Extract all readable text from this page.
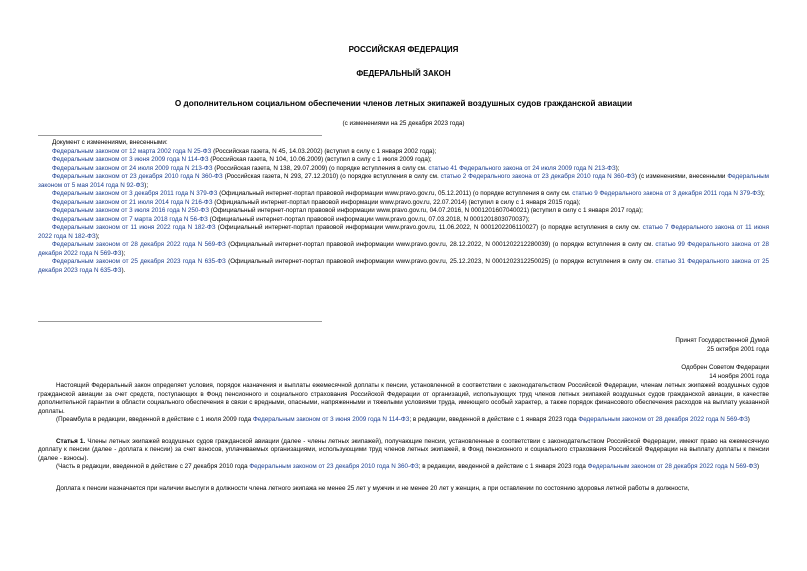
РОССИЙСКАЯ ФЕДЕРАЦИЯ
ФЕДЕРАЛЬНЫЙ ЗАКОН
О дополнительном социальном обеспечении членов летных экипажей воздушных судов гражданской авиации
(с изменениями на 25 декабря 2023 года)

Документ с изменениями, внесенными:

Федеральным законом от 12 марта 2002 года N 25-ФЗ (Российская газета, N 45, 14.03.2002) (вступил в силу с 1 января 2002 года);

Федеральным законом от 3 июня 2009 года N 114-ФЗ (Российская газета, N 104, 10.06.2009) (вступил в силу с 1 июля 2009 года);

Федеральным законом от 24 июля 2009 года N 213-ФЗ (Российская газета, N 138, 29.07.2009) (о порядке вступления в силу см. статью 41 Федерального закона от 24 июля 2009 года N 213-ФЗ);

Федеральным законом от 23 декабря 2010 года N 360-ФЗ (Российская газета, N 293, 27.12.2010) (о порядке вступления в силу см. статью 2 Федерального закона от 23 декабря 2010 года N 360-ФЗ) (с изменениями, внесенными Федеральным законом от 5 мая 2014 года N 92-ФЗ);

Федеральным законом от 3 декабря 2011 года N 379-ФЗ (Официальный интернет-портал правовой информации www.pravo.gov.ru, 05.12.2011) (о порядке вступления в силу см. статью 9 Федерального закона от 3 декабря 2011 года N 379-ФЗ);

Федеральным законом от 21 июля 2014 года N 216-ФЗ (Официальный интернет-портал правовой информации www.pravo.gov.ru, 22.07.2014) (вступил в силу с 1 января 2015 года);

Федеральным законом от 3 июля 2016 года N 250-ФЗ (Официальный интернет-портал правовой информации www.pravo.gov.ru, 04.07.2016, N 0001201607040021) (вступил в силу с 1 января 2017 года);

Федеральным законом от 7 марта 2018 года N 56-ФЗ (Официальный интернет-портал правовой информации www.pravo.gov.ru, 07.03.2018, N 0001201803070037);

Федеральным законом от 11 июня 2022 года N 182-ФЗ (Официальный интернет-портал правовой информации www.pravo.gov.ru, 11.06.2022, N 0001202206110027) (о порядке вступления в силу см. статью 7 Федерального закона от 11 июня 2022 года N 182-ФЗ);

Федеральным законом от 28 декабря 2022 года N 569-ФЗ (Официальный интернет-портал правовой информации www.pravo.gov.ru, 28.12.2022, N 0001202212280039) (о порядке вступления в силу см. статью 99 Федерального закона от 28 декабря 2022 года N 569-ФЗ);

Федеральным законом от 25 декабря 2023 года N 635-ФЗ (Официальный интернет-портал правовой информации www.pravo.gov.ru, 25.12.2023, N 0001202312250025) (о порядке вступления в силу см. статью 31 Федерального закона от 25 декабря 2023 года N 635-ФЗ).

Принят Государственной Думой
25 октября 2001 года
Одобрен Советом Федерации
14 ноября 2001 года

Настоящий Федеральный закон определяет условия, порядок назначения и выплаты ежемесячной доплаты к пенсии, установленной в соответствии с законодательством Российской Федерации, членам летных экипажей воздушных судов гражданской авиации за счет средств, поступающих в Фонд пенсионного и социального страхования Российской Федерации от организаций, использующих труд членов летных экипажей воздушных судов гражданской авиации, в качестве дополнительной гарантии в области социального обеспечения в связи с вредными, опасными, напряженными и тяжелыми условиями труда, имеющего особый характер, а также порядок финансового обеспечения расходов на выплату указанной доплаты.

(Преамбула в редакции, введенной в действие с 1 июля 2009 года Федеральным законом от 3 июня 2009 года N 114-ФЗ; в редакции, введенной в действие с 1 января 2023 года Федеральным законом от 28 декабря 2022 года N 569-ФЗ)

Статья 1. Члены летных экипажей воздушных судов гражданской авиации (далее - члены летных экипажей), получающие пенсии, установленные в соответствии с законодательством Российской Федерации, имеют право на ежемесячную доплату к пенсии (далее - доплата к пенсии) за счет взносов, уплачиваемых организациями, использующими труд членов летных экипажей, в Фонд пенсионного и социального страхования Российской Федерации на выплату доплаты к пенсии (далее - взносы).

(Часть в редакции, введенной в действие с 27 декабря 2010 года Федеральным законом от 23 декабря 2010 года N 360-ФЗ; в редакции, введенной в действие с 1 января 2023 года Федеральным законом от 28 декабря 2022 года N 569-ФЗ)

Доплата к пенсии назначается при наличии выслуги в должности члена летного экипажа не менее 25 лет у мужчин и не менее 20 лет у женщин, а при оставлении по состоянию здоровья летной работы в должности,
